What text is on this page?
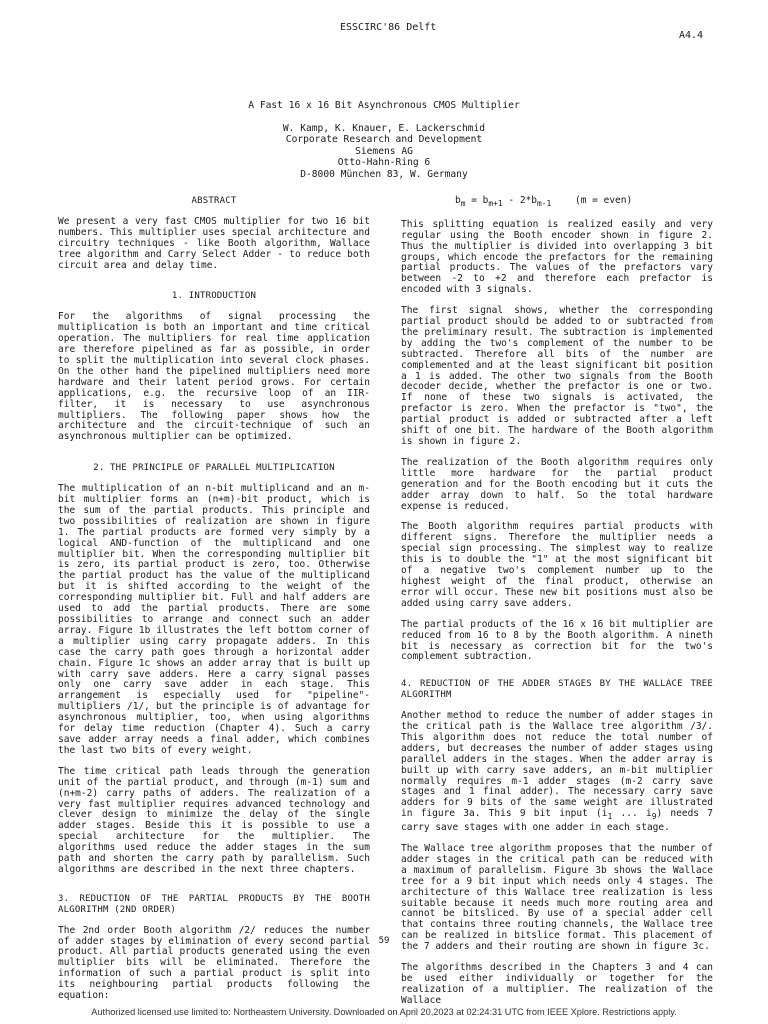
ESSCIRC'86 Delft
A4.4
A Fast 16 x 16 Bit Asynchronous CMOS Multiplier
W. Kamp, K. Knauer, E. Lackerschmid
Corporate Research and Development
Siemens AG
Otto-Hahn-Ring 6
D-8000 München 83, W. Germany
ABSTRACT

We present a very fast CMOS multiplier for two 16 bit numbers. This multiplier uses special architecture and circuitry techniques - like Booth algorithm, Wallace tree algorithm and Carry Select Adder - to reduce both circuit area and delay time.

1. INTRODUCTION

For the algorithms of signal processing the multiplication is both an important and time critical operation. The multipliers for real time application are therefore pipelined as far as possible, in order to split the multiplication into several clock phases. On the other hand the pipelined multipliers need more hardware and their latent period grows. For certain applications, e.g. the recursive loop of an IIR-filter, it is necessary to use asynchronous multipliers. The following paper shows how the architecture and the circuit-technique of such an asynchronous multiplier can be optimized.

2. THE PRINCIPLE OF PARALLEL MULTIPLICATION

The multiplication of an n-bit multiplicand and an m-bit multiplier forms an (n+m)-bit product, which is the sum of the partial products. This principle and two possibilities of realization are shown in figure 1. The partial products are formed very simply by a logical AND-function of the multiplicand and one multiplier bit. When the corresponding multiplier bit is zero, its partial product is zero, too. Otherwise the partial product has the value of the multiplicand but it is shifted according to the weight of the corresponding multiplier bit. Full and half adders are used to add the partial products. There are some possibilities to arrange and connect such an adder array. Figure 1b illustrates the left bottom corner of a multiplier using carry propagate adders. In this case the carry path goes through a horizontal adder chain. Figure 1c shows an adder array that is built up with carry save adders. Here a carry signal passes only one carry save adder in each stage. This arrangement is especially used for "pipeline"-multipliers /1/, but the principle is of advantage for asynchronous multiplier, too, when using algorithms for delay time reduction (Chapter 4). Such a carry save adder array needs a final adder, which combines the last two bits of every weight.

The time critical path leads through the generation unit of the partial product, and through (m-1) sum and (n+m-2) carry paths of adders. The realization of a very fast multiplier requires advanced technology and clever design to minimize the delay of the single adder stages. Beside this it is possible to use a special architecture for the multiplier. The algorithms used reduce the adder stages in the sum path and shorten the carry path by parallelism. Such algorithms are described in the next three chapters.

3. REDUCTION OF THE PARTIAL PRODUCTS BY THE BOOTH ALGORITHM (2ND ORDER)

The 2nd order Booth algorithm /2/ reduces the number of adder stages by elimination of every second partial product. All partial products generated using the even multiplier bits will be eliminated. Therefore the information of such a partial product is split into its neighbouring partial products following the equation:

$b_m = b_{m+1} - 2*b_{m-1}$ (m = even)

This splitting equation is realized easily and very regular using the Booth encoder shown in figure 2. Thus the multiplier is divided into overlapping 3 bit groups, which encode the prefactors for the remaining partial products. The values of the prefactors vary between -2 to +2 and therefore each prefactor is encoded with 3 signals.

The first signal shows, whether the corresponding partial product should be added to or subtracted from the preliminary result. The subtraction is implemented by adding the two's complement of the number to be subtracted. Therefore all bits of the number are complemented and at the least significant bit position a 1 is added. The other two signals from the Booth decoder decide, whether the prefactor is one or two. If none of these two signals is activated, the prefactor is zero. When the prefactor is "two", the partial product is added or subtracted after a left shift of one bit. The hardware of the Booth algorithm is shown in figure 2.

The realization of the Booth algorithm requires only little more hardware for the partial product generation and for the Booth encoding but it cuts the adder array down to half. So the total hardware expense is reduced.

The Booth algorithm requires partial products with different signs. Therefore the multiplier needs a special sign processing. The simplest way to realize this is to double the "1" at the most significant bit of a negative two's complement number up to the highest weight of the final product, otherwise an error will occur. These new bit positions must also be added using carry save adders.

The partial products of the 16 x 16 bit multiplier are reduced from 16 to 8 by the Booth algorithm. A nineth bit is necessary as correction bit for the two's complement subtraction.

4. REDUCTION OF THE ADDER STAGES BY THE WALLACE TREE ALGORITHM

Another method to reduce the number of adder stages in the critical path is the Wallace tree algorithm /3/. This algorithm does not reduce the total number of adders, but decreases the number of adder stages using parallel adders in the stages. When the adder array is built up with carry save adders, an m-bit multiplier normally requires m-1 adder stages (m-2 carry save stages and 1 final adder). The necessary carry save adders for 9 bits of the same weight are illustrated in figure 3a. This 9 bit input ($i_1$ ... $i_9$) needs 7 carry save stages with one adder in each stage.

The Wallace tree algorithm proposes that the number of adder stages in the critical path can be reduced with a maximum of parallelism. Figure 3b shows the Wallace tree for a 9 bit input which needs only 4 stages. The architecture of this Wallace tree realization is less suitable because it needs much more routing area and cannot be bitsliced. By use of a special adder cell that contains three routing channels, the Wallace tree can be realized in bitslice format. This placement of the 7 adders and their routing are shown in figure 3c.

The algorithms described in the Chapters 3 and 4 can be used either individually or together for the realization of a multiplier. The realization of the Wallace

59
Authorized licensed use limited to: Northeastern University. Downloaded on April 20,2023 at 02:24:31 UTC from IEEE Xplore. Restrictions apply.
